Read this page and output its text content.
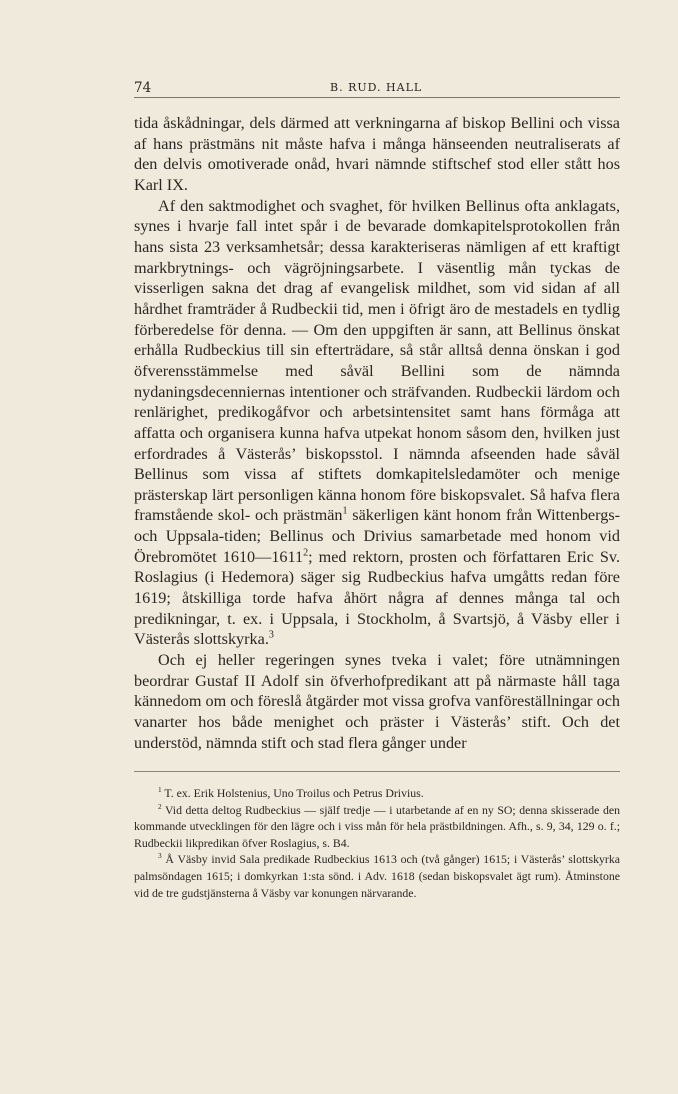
74	B. RUD. HALL

tida åskådningar, dels därmed att verkningarna af biskop Bellini och vissa af hans prästmäns nit måste hafva i många hänseenden neutraliserats af den delvis omotiverade onåd, hvari nämnde stiftschef stod eller stått hos Karl IX.

Af den saktmodighet och svaghet, för hvilken Bellinus ofta anklagats, synes i hvarje fall intet spår i de bevarade domkapitelsprotokollen från hans sista 23 verksamhetsår; dessa karakteriseras nämligen af ett kraftigt markbrytnings- och vägröjningsarbete. I väsentlig mån tyckas de visserligen sakna det drag af evangelisk mildhet, som vid sidan af all hårdhet framträder å Rudbeckii tid, men i öfrigt äro de mestadels en tydlig förberedelse för denna. — Om den uppgiften är sann, att Bellinus önskat erhålla Rudbeckius till sin efterträdare, så står alltså denna önskan i god öfverensstämmelse med såväl Bellini som de nämnda nydaningsdecenniernas intentioner och sträfvanden. Rudbeckii lärdom och renlärighet, predikogåfvor och arbetsintensitet samt hans förmåga att affatta och organisera kunna hafva utpekat honom såsom den, hvilken just erfordrades å Västerås’ biskopsstol. I nämnda afseenden hade såväl Bellinus som vissa af stiftets domkapitelsledamöter och menige prästerskap lärt personligen känna honom före biskopsvalet. Så hafva flera framstående skol- och prästmän$^1$ säkerligen känt honom från Wittenbergs- och Uppsala-tiden; Bellinus och Drivius samarbetade med honom vid Örebromötet 1610—1611$^2$; med rektorn, prosten och författaren Eric Sv. Roslagius (i Hedemora) säger sig Rudbeckius hafva umgåtts redan före 1619; åtskilliga torde hafva åhört några af dennes många tal och predikningar, t. ex. i Uppsala, i Stockholm, å Svartsjö, å Väsby eller i Västerås slottskyrka.$^3$

Och ej heller regeringen synes tveka i valet; före utnämningen beordrar Gustaf II Adolf sin öfverhofpredikant att på närmaste håll taga kännedom om och föreslå åtgärder mot vissa grofva vanföreställningar och vanarter hos både menighet och präster i Västerås’ stift. Och det understöd, nämnda stift och stad flera gånger under

$^1$ T. ex. Erik Holstenius, Uno Troilus och Petrus Drivius.

$^2$ Vid detta deltog Rudbeckius — själf tredje — i utarbetande af en ny SO; denna skisserade den kommande utvecklingen för den lägre och i viss mån för hela prästbildningen. Afh., s. 9, 34, 129 o. f.; Rudbeckii likpredikan öfver Roslagius, s. B4.

$^3$ Å Väsby invid Sala predikade Rudbeckius 1613 och (två gånger) 1615; i Västerås’ slottskyrka palmsöndagen 1615; i domkyrkan 1:sta sönd. i Adv. 1618 (sedan biskopsvalet ägt rum). Åtminstone vid de tre gudstjänsterna å Väsby var konungen närvarande.
